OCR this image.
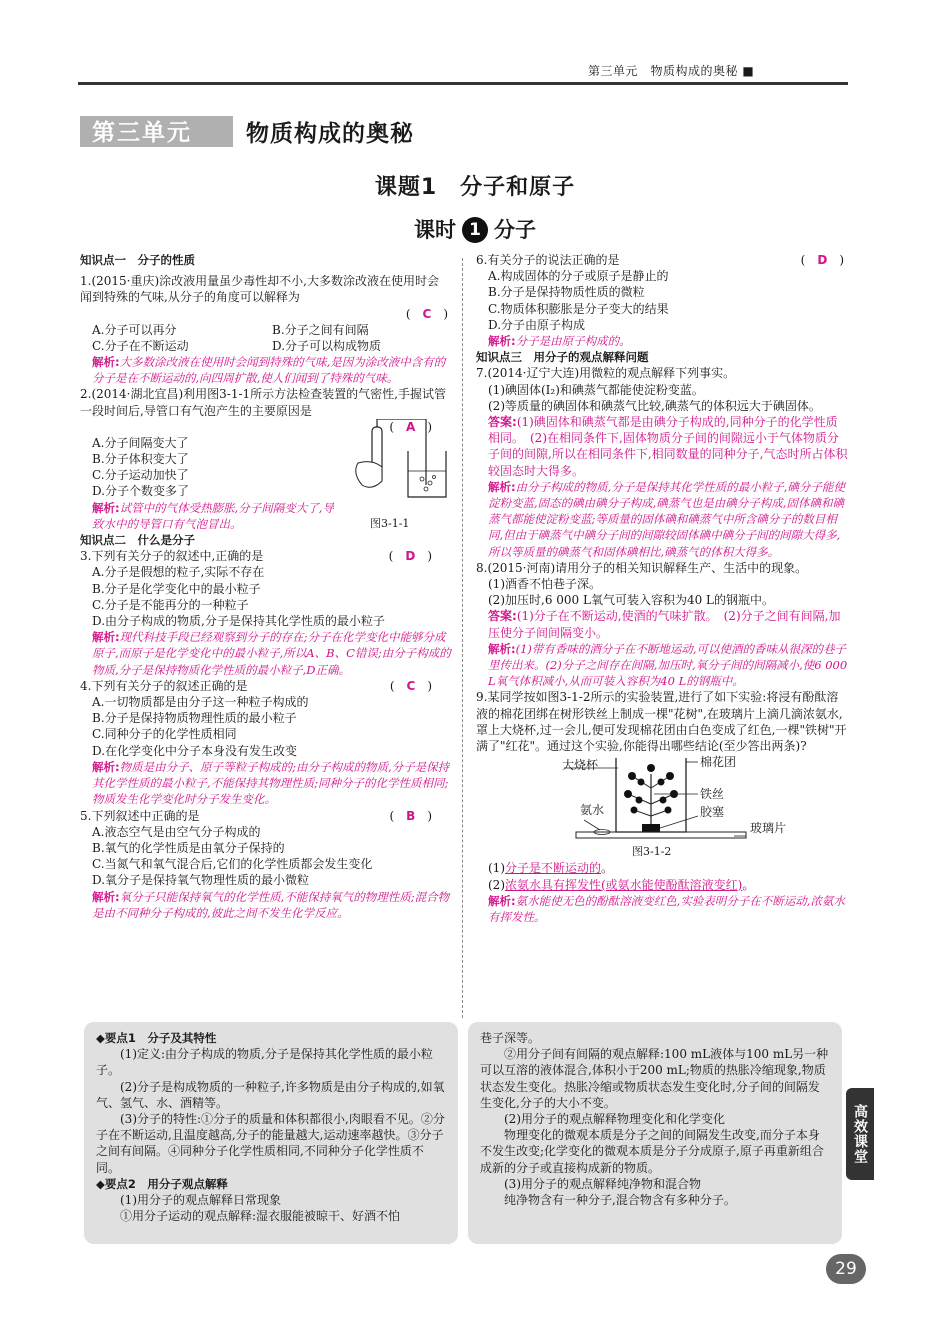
第三单元　物质构成的奥秘 ■
第三单元 物质构成的奥秘
课题1　分子和原子
课时 1 分子
知识点一　分子的性质
1.(2015·重庆)涂改液用量虽少毒性却不小,大多数涂改液在使用时会闻到特殊的气味,从分子的角度可以解释为
(　C　)
A.分子可以再分	B.分子之间有间隔
C.分子在不断运动	D.分子可以构成物质
解析:大多数涂改液在使用时会闻到特殊的气味,是因为涂改液中含有的分子是在不断运动的,向四周扩散,使人们闻到了特殊的气味。
2.(2014·湖北宜昌)利用图3-1-1所示方法检查装置的气密性,手握试管一段时间后,导管口有气泡产生的主要原因是
(　A　)
A.分子间隔变大了
B.分子体积变大了
C.分子运动加快了
D.分子个数变多了
解析:试管中的气体受热膨胀,分子间隔变大了,导致水中的导管口有气泡冒出。	图3-1-1
知识点二　什么是分子
3.下列有关分子的叙述中,正确的是	(　D　)
A.分子是假想的粒子,实际不存在
B.分子是化学变化中的最小粒子
C.分子是不能再分的一种粒子
D.由分子构成的物质,分子是保持其化学性质的最小粒子
解析:现代科技手段已经观察到分子的存在;分子在化学变化中能够分成原子,而原子是化学变化中的最小粒子,所以A、B、C错误;由分子构成的物质,分子是保持物质化学性质的最小粒子,D正确。
4.下列有关分子的叙述正确的是	(　C　)
A.一切物质都是由分子这一种粒子构成的
B.分子是保持物质物理性质的最小粒子
C.同种分子的化学性质相同
D.在化学变化中分子本身没有发生改变
解析:物质是由分子、原子等粒子构成的;由分子构成的物质,分子是保持其化学性质的最小粒子,不能保持其物理性质;同种分子的化学性质相同;物质发生化学变化时分子发生变化。
5.下列叙述中正确的是	(　B　)
A.液态空气是由空气分子构成的
B.氧气的化学性质是由氧分子保持的
C.当氮气和氧气混合后,它们的化学性质都会发生变化
D.氧分子是保持氧气物理性质的最小微粒
解析:氧分子只能保持氧气的化学性质,不能保持氧气的物理性质;混合物是由不同种分子构成的,彼此之间不发生化学反应。
6.有关分子的说法正确的是	(　D　)
A.构成固体的分子或原子是静止的
B.分子是保持物质性质的微粒
C.物质体积膨胀是分子变大的结果
D.分子由原子构成
解析:分子是由原子构成的。
知识点三　用分子的观点解释问题
7.(2014·辽宁大连)用微粒的观点解释下列事实。
(1)碘固体(I₂)和碘蒸气都能使淀粉变蓝。
(2)等质量的碘固体和碘蒸气比较,碘蒸气的体积远大于碘固体。
答案:(1)碘固体和碘蒸气都是由碘分子构成的,同种分子的化学性质相同。　(2)在相同条件下,固体物质分子间的间隙远小于气体物质分子间的间隙,所以在相同条件下,相同数量的同种分子,气态时所占体积较固态时大得多。
解析:由分子构成的物质,分子是保持其化学性质的最小粒子,碘分子能使淀粉变蓝,固态的碘由碘分子构成,碘蒸气也是由碘分子构成,固体碘和碘蒸气都能使淀粉变蓝;等质量的固体碘和碘蒸气中所含碘分子的数目相同,但由于碘蒸气中碘分子间的间隙较固体碘中碘分子间的间隙大得多,所以等质量的碘蒸气和固体碘相比,碘蒸气的体积大得多。
8.(2015·河南)请用分子的相关知识解释生产、生活中的现象。
(1)酒香不怕巷子深。
(2)加压时,6 000 L氧气可装入容积为40 L的钢瓶中。
答案:(1)分子在不断运动,使酒的气味扩散。　(2)分子之间有间隔,加压使分子间间隔变小。
解析:(1)带有香味的酒分子在不断地运动,可以使酒的香味从很深的巷子里传出来。(2)分子之间存在间隔,加压时,氧分子间的间隔减小,使6 000 L氧气体积减小,从而可装入容积为40 L的钢瓶中。
9.某同学按如图3-1-2所示的实验装置,进行了如下实验:将浸有酚酞溶液的棉花团绑在树形铁丝上制成一棵"花树",在玻璃片上滴几滴浓氨水,罩上大烧杯,过一会儿,便可发现棉花团由白色变成了红色,一棵"铁树"开满了"红花"。通过这个实验,你能得出哪些结论(至少答出两条)?
大烧杯	棉花团
铁丝
氨水	胶塞
玻璃片
图3-1-2
(1)分子是不断运动的。
(2)浓氨水具有挥发性(或氨水能使酚酞溶液变红)。
解析:氨水能使无色的酚酞溶液变红色,实验表明分子在不断运动,浓氨水有挥发性。
◆要点1　分子及其特性

(1)定义:由分子构成的物质,分子是保持其化学性质的最小粒子。

(2)分子是构成物质的一种粒子,许多物质是由分子构成的,如氧气、氢气、水、酒精等。

(3)分子的特性:①分子的质量和体积都很小,肉眼看不见。②分子在不断运动,且温度越高,分子的能量越大,运动速率越快。③分子之间有间隔。④同种分子化学性质相同,不同种分子化学性质不同。

◆要点2　用分子观点解释

(1)用分子的观点解释日常现象

①用分子运动的观点解释:湿衣服能被晾干、好酒不怕

巷子深等。

②用分子间有间隔的观点解释:100 mL液体与100 mL另一种可以互溶的液体混合,体积小于200 mL;物质的热胀冷缩现象,物质状态发生变化。热胀冷缩或物质状态发生变化时,分子间的间隔发生变化,分子的大小不变。

(2)用分子的观点解释物理变化和化学变化

物理变化的微观本质是分子之间的间隔发生改变,而分子本身不发生改变;化学变化的微观本质是分子分成原子,原子再重新组合成新的分子或直接构成新的物质。

(3)用分子的观点解释纯净物和混合物

纯净物含有一种分子,混合物含有多种分子。

高效课堂
29
